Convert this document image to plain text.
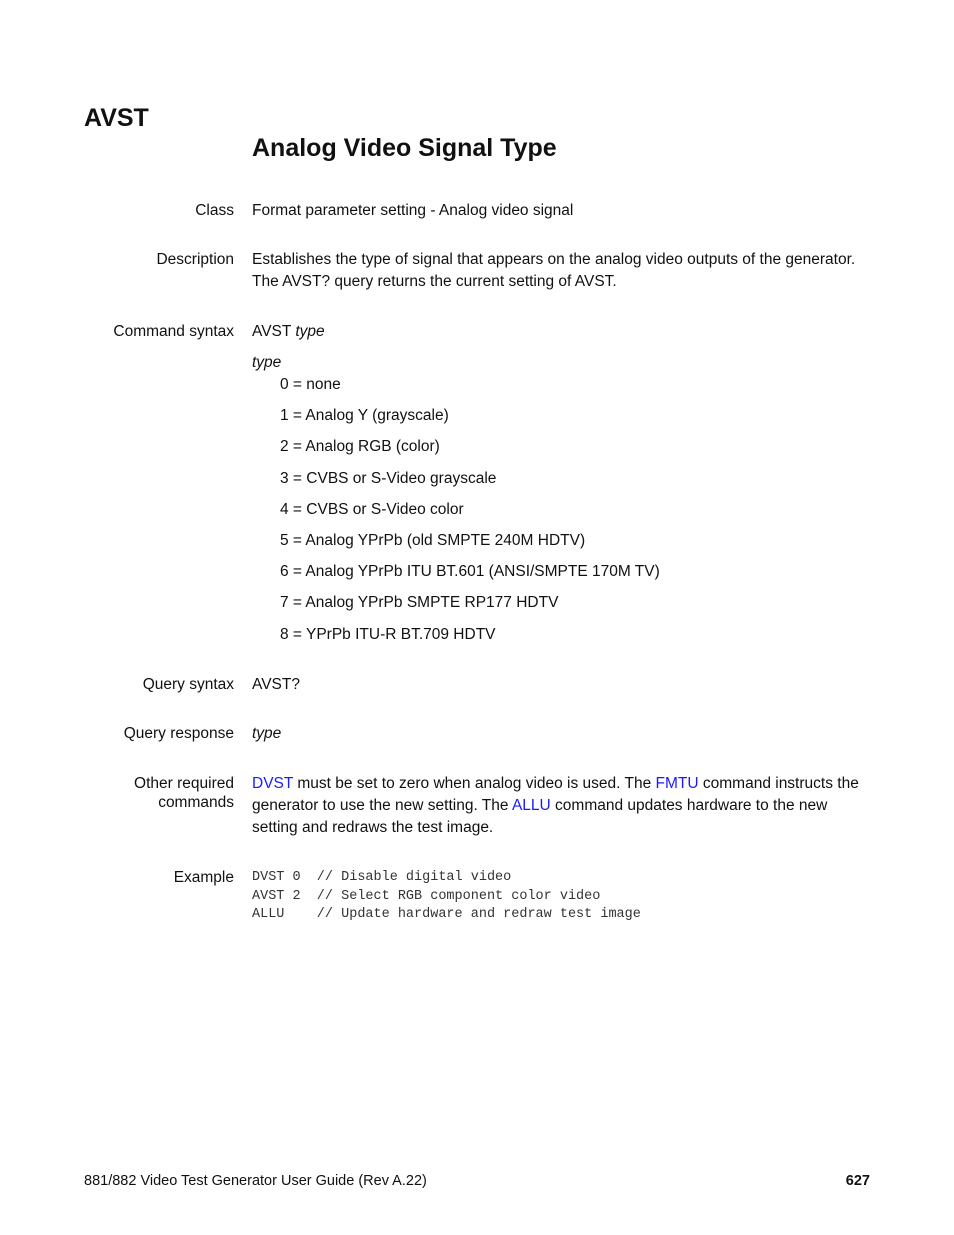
AVST
Analog Video Signal Type
Class Format parameter setting - Analog video signal
Description Establishes the type of signal that appears on the analog video outputs of the generator.
The AVST? query returns the current setting of AVST.
Command syntax AVST type
type
0 = none
1 = Analog Y (grayscale)
2 = Analog RGB (color)
3 = CVBS or S-Video grayscale
4 = CVBS or S-Video color
5 = Analog YPrPb (old SMPTE 240M HDTV)
6 = Analog YPrPb ITU BT.601 (ANSI/SMPTE 170M TV)
7 = Analog YPrPb SMPTE RP177 HDTV
8 = YPrPb ITU-R BT.709 HDTV
Query syntax AVST?
Query response type
Other required
commands
DVST must be set to zero when analog video is used. The FMTU command instructs the generator to use the new setting. The ALLU command updates hardware to the new setting and redraws the test image.
Example DVST 0  // Disable digital video
AVST 2  // Select RGB component color video
ALLU    // Update hardware and redraw test image
881/882 Video Test Generator User Guide (Rev A.22)	627
